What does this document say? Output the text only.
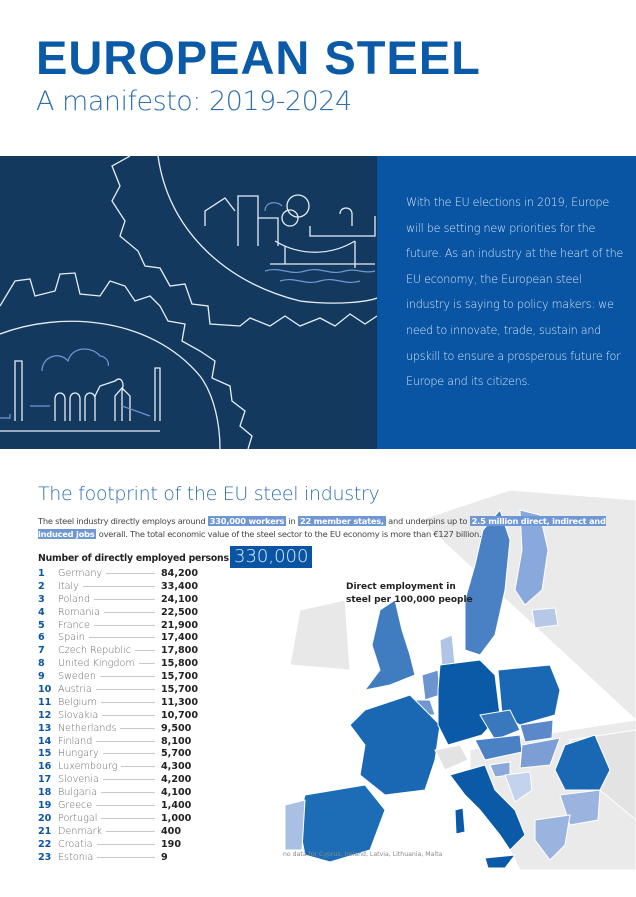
EUROPEAN STEEL
A manifesto: 2019-2024

With the EU elections in 2019, Europe will be setting new priorities for the future. As an industry at the heart of the EU economy, the European steel industry is saying to policy makers: we need to innovate, trade, sustain and upskill to ensure a prosperous future for Europe and its citizens.

The footprint of the EU steel industry
The steel industry directly employs around 330,000 workers in 22 member states, and underpins up to 2.5 million direct, indirect and induced jobs overall. The total economic value of the steel sector to the EU economy is more than €127 billion.
Number of directly employed persons 330,000
1	Germany	84,200
2	Italy	33,400
3	Poland	24,100
4	Romania	22,500
5	France	21,900
6	Spain	17,400
7	Czech Republic	17,800
8	United Kingdom	15,800
9	Sweden	15,700
10 Austria	15,700
11 Belgium	11,300
12 Slovakia	10,700
13 Netherlands	9,500
14 Finland	8,100
15 Hungary	5,700
16 Luxembourg	4,300
17 Slovenia	4,200
18 Bulgaria	4,100
19 Greece	1,400
20 Portugal	1,000
21 Denmark	400
22 Croatia	190
23 Estonia	9
Direct employment in
steel per 100,000 people
no data for Cyprus, Ireland, Latvia, Lithuania, Malta
